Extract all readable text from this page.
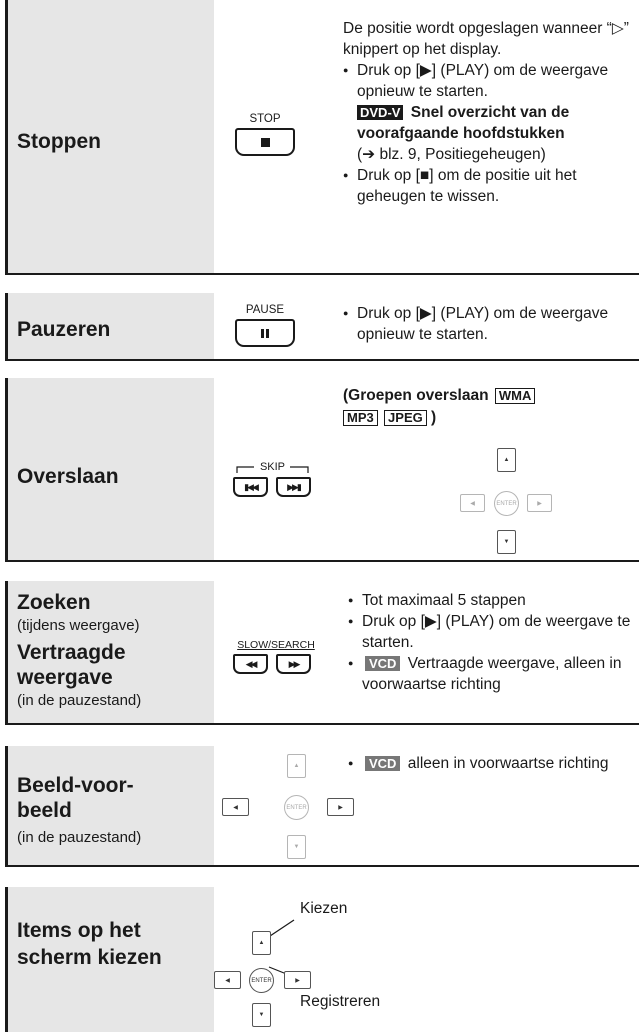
Stoppen
STOP
De positie wordt opgeslagen wanneer “▷” knippert op het display.
● Druk op [▶] (PLAY) om de weergave opnieuw te starten.
DVD-V Snel overzicht van de voorafgaande hoofdstukken
(➔ blz. 9, Positiegeheugen)
● Druk op [■] om de positie uit het geheugen te wissen.
Pauzeren
PAUSE
●	Druk op [▶] (PLAY) om de weergave opnieuw te starten.
Overslaan	SKIP
▮◀◀	▶▶▮
(Groepen overslaan WMA
MP3 JPEG )
▲
◀	ENTER	▶
▼
Zoeken
(tijdens weergave)
Vertraagde weergave
(in de pauzestand)
SLOW/SEARCH
◀◀	▶▶
● Tot maximaal 5 stappen
● Druk op [▶] (PLAY) om de weergave te starten.
● VCD Vertraagde weergave, alleen in voorwaartse richting
Beeld-voor-beeld
(in de pauzestand)
▲
◀	ENTER	▶
▼
● VCD alleen in voorwaartse richting
Items op het scherm kiezen
▲
◀	ENTER	▶
▼
Kiezen
Registreren
